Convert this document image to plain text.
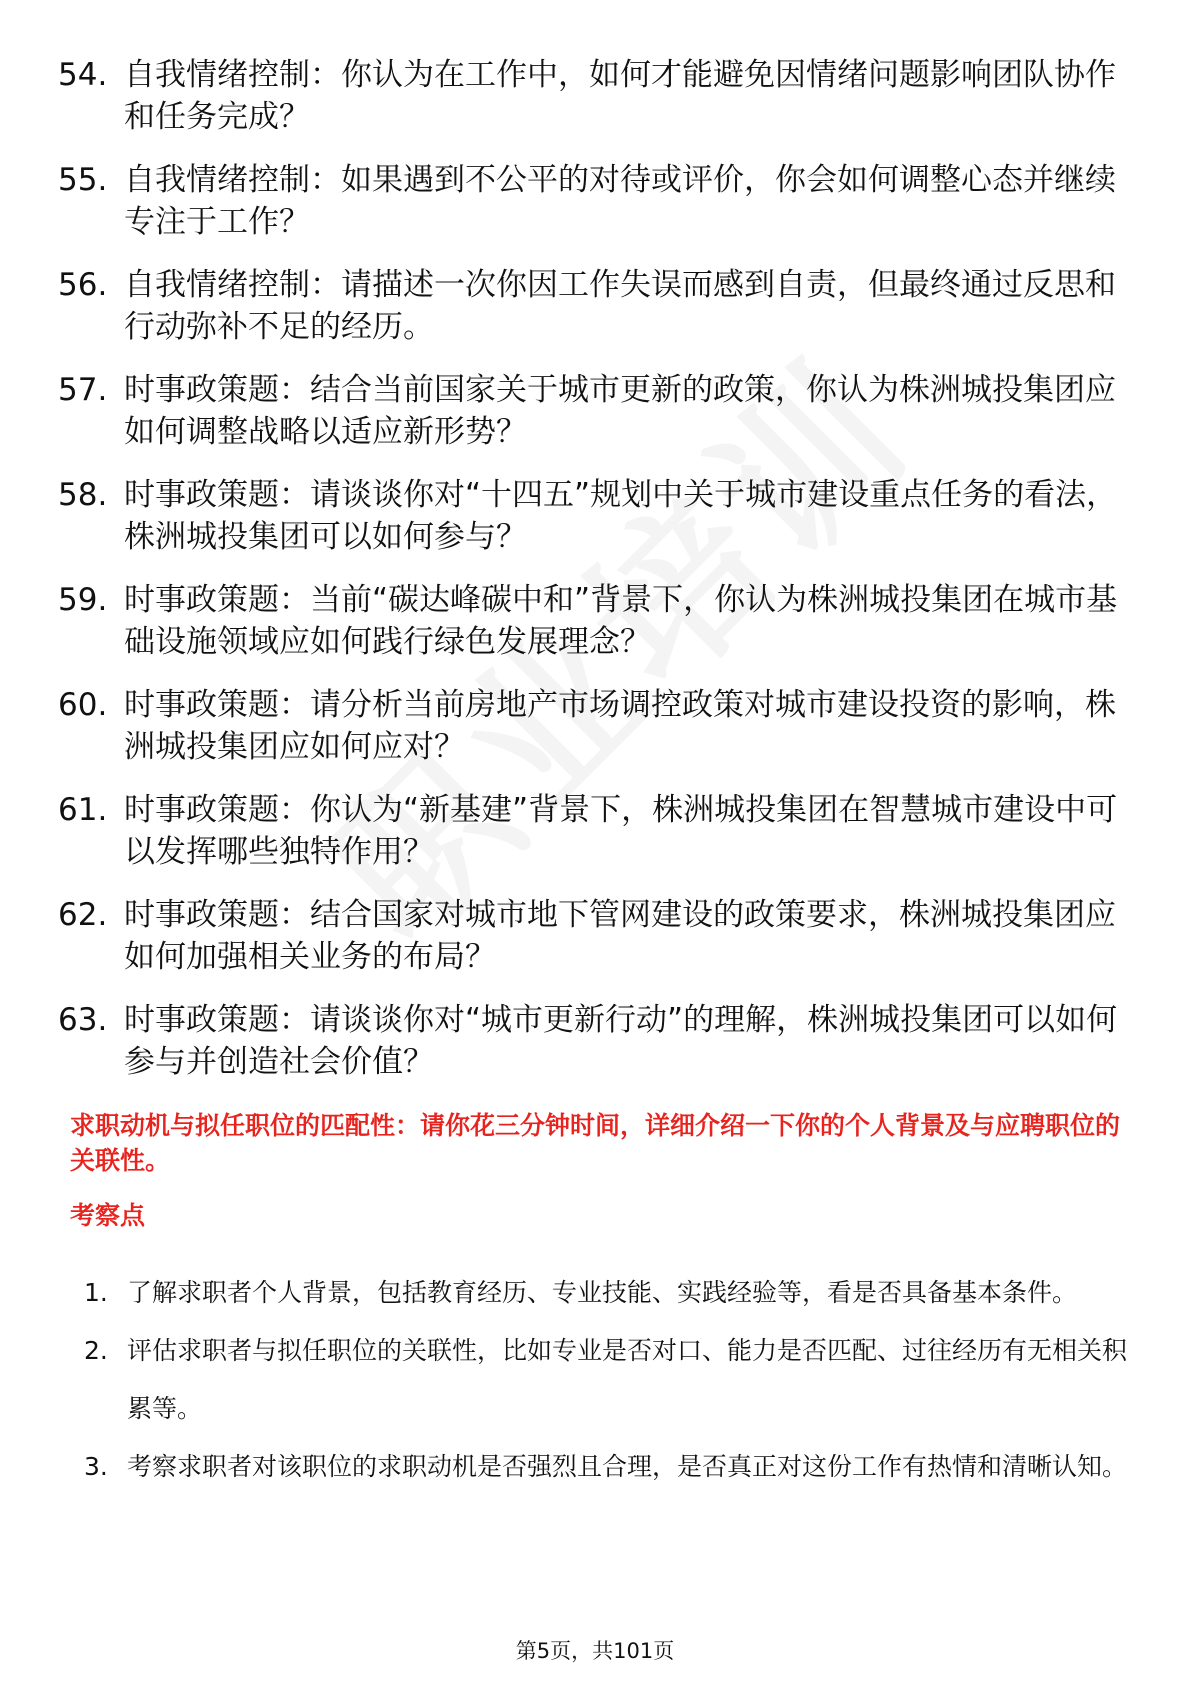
54. 自我情绪控制：你认为在工作中，如何才能避免因情绪问题影响团队协作和任务完成？
55. 自我情绪控制：如果遇到不公平的对待或评价，你会如何调整心态并继续专注于工作？
56. 自我情绪控制：请描述一次你因工作失误而感到自责，但最终通过反思和行动弥补不足的经历。
57. 时事政策题：结合当前国家关于城市更新的政策，你认为株洲城投集团应如何调整战略以适应新形势？
58. 时事政策题：请谈谈你对“十四五”规划中关于城市建设重点任务的看法，株洲城投集团可以如何参与？
59. 时事政策题：当前“碳达峰碳中和”背景下，你认为株洲城投集团在城市基础设施领域应如何践行绿色发展理念？
60. 时事政策题：请分析当前房地产市场调控政策对城市建设投资的影响，株洲城投集团应如何应对？
61. 时事政策题：你认为“新基建”背景下，株洲城投集团在智慧城市建设中可以发挥哪些独特作用？
62. 时事政策题：结合国家对城市地下管网建设的政策要求，株洲城投集团应如何加强相关业务的布局？
63. 时事政策题：请谈谈你对“城市更新行动”的理解，株洲城投集团可以如何参与并创造社会价值？
求职动机与拟任职位的匹配性：请你花三分钟时间，详细介绍一下你的个人背景及与应聘职位的关联性。
考察点
1. 了解求职者个人背景，包括教育经历、专业技能、实践经验等，看是否具备基本条件。
2. 评估求职者与拟任职位的关联性，比如专业是否对口、能力是否匹配、过往经历有无相关积累等。
3. 考察求职者对该职位的求职动机是否强烈且合理，是否真正对这份工作有热情和清晰认知。
第5页，共101页
